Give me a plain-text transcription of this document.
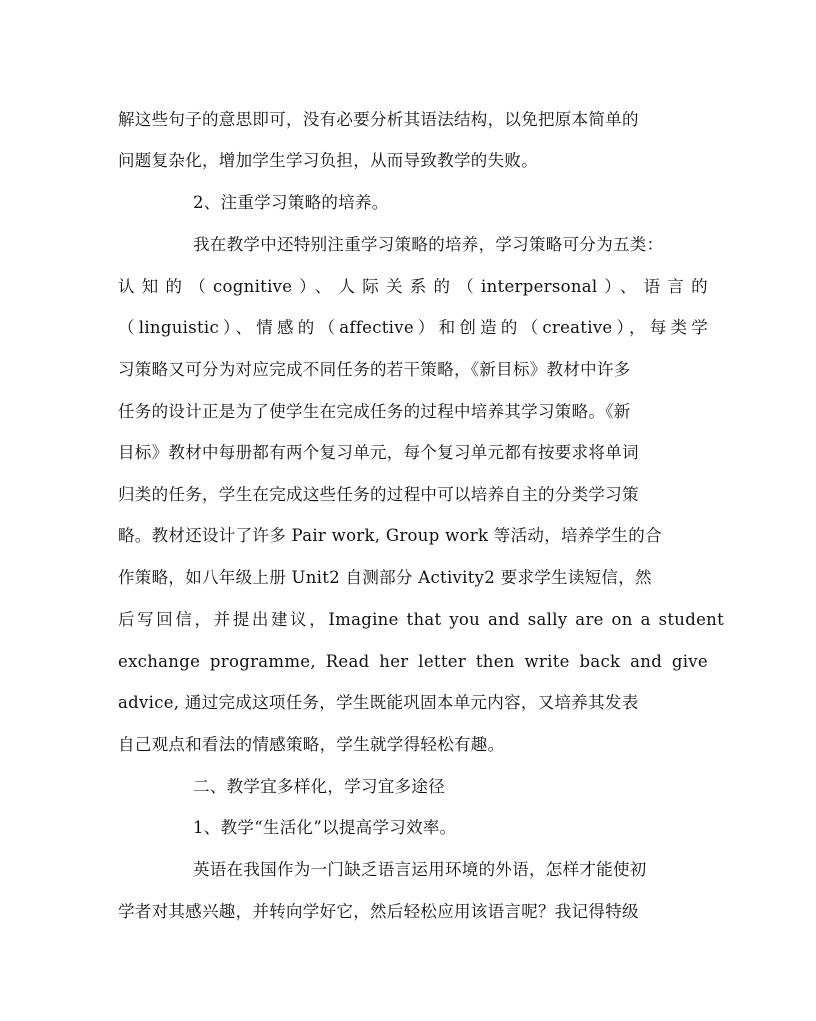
解这些句子的意思即可，没有必要分析其语法结构，以免把原本简单的
问题复杂化，增加学生学习负担，从而导致教学的失败。
2、注重学习策略的培养。
我在教学中还特别注重学习策略的培养，学习策略可分为五类：
认知的（cognitive）、人际关系的（interpersonal）、语言的
（linguistic）、情感的（affective）和创造的（creative），每类学
习策略又可分为对应完成不同任务的若干策略，《新目标》教材中许多
任务的设计正是为了使学生在完成任务的过程中培养其学习策略。《新
目标》教材中每册都有两个复习单元，每个复习单元都有按要求将单词
归类的任务，学生在完成这些任务的过程中可以培养自主的分类学习策
略。教材还设计了许多 Pair work, Group work 等活动，培养学生的合
作策略，如八年级上册 Unit2 自测部分 Activity2 要求学生读短信，然
后写回信，并提出建议，Imagine that you and sally are on a student
exchange programme, Read her letter then write back and give
advice, 通过完成这项任务，学生既能巩固本单元内容，又培养其发表
自己观点和看法的情感策略，学生就学得轻松有趣。
二、教学宜多样化，学习宜多途径
1、教学“生活化”以提高学习效率。
英语在我国作为一门缺乏语言运用环境的外语，怎样才能使初
学者对其感兴趣，并转向学好它，然后轻松应用该语言呢？我记得特级
